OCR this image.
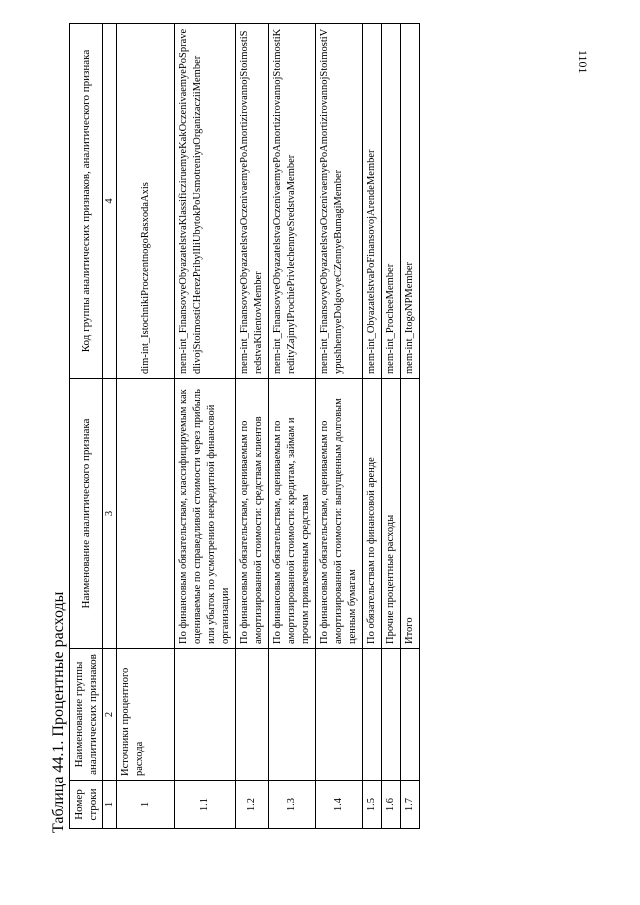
1101
Таблица 44.1. Процентные расходы Номер строки	Наименование группы аналитических признаков	Наименование аналитического признака	Код группы аналитических признаков, аналитического признака
1	2	3	4
1	Источники процентного расхода		dim-int_IstochnikiProczentnogoRasxodaAxis
1.1		По финансовым обязательствам, классифицируемым как оцениваемые по справедливой стоимости через прибыль или убыток по усмотрению некредитной финансовой организации	mem-int_FinansovyeObyazatelstvaKlassificziruemyeKakOczenivaemyePoSpravedlivojStoimostiCHerezPribylIliUbytokPoUsmotreniyuOrganizacziiMember
1.2		По финансовым обязательствам, оцениваемым по амортизированной стоимости: средствам клиентов	mem-int_FinansovyeObyazatelstvaOczenivaemyePoAmortizirovannojStoimostiSredstvaKlientovMember
1.3		По финансовым обязательствам, оцениваемым по амортизированной стоимости: кредитам, займам и прочим привлеченным средствам	mem-int_FinansovyeObyazatelstvaOczenivaemyePoAmortizirovannojStoimostiKredityZajmyIProchiePrivlechennyeSredstvaMember
1.4		По финансовым обязательствам, оцениваемым по амортизированной стоимости: выпущенным долговым ценным бумагам	mem-int_FinansovyeObyazatelstvaOczenivaemyePoAmortizirovannojStoimostiVypushhennyeDolgovyeCZennyeBumagiMember
1.5		По обязательствам по финансовой аренде	mem-int_ObyazatelstvaPoFinansovojArendeMember
1.6		Прочие процентные расходы	mem-int_ProcheeMember
1.7		Итого	mem-int_ItogoNPMember
